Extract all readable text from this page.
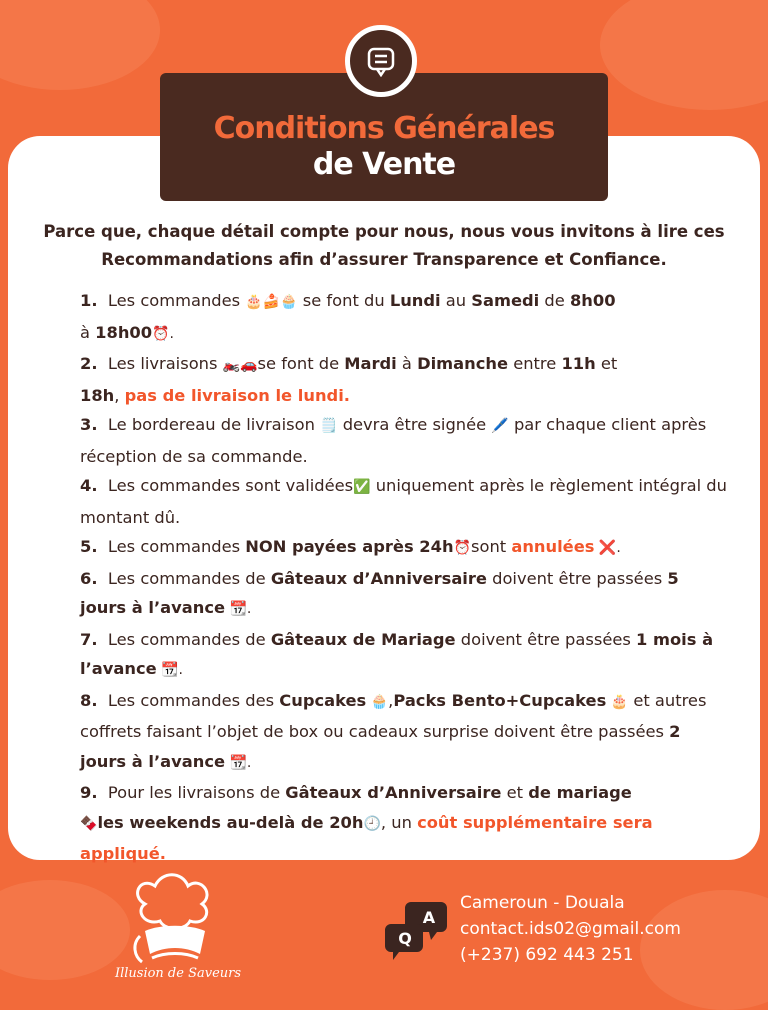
Conditions Générales
de Vente
Parce que, chaque détail compte pour nous, nous vous invitons à lire ces Recommandations afin d’assurer Transparence et Confiance.

1. Les commandes 🎂🍰🧁 se font du Lundi au Samedi de 8h00
à 18h00⏰.

2. Les livraisons 🏍️🚗se font de Mardi à Dimanche entre 11h et
18h, pas de livraison le lundi.

3. Le bordereau de livraison 🗒️ devra être signée 🖊️ par chaque client après réception de sa commande.

4. Les commandes sont validées✅ uniquement après le règlement intégral du montant dû.

5. Les commandes NON payées après 24h⏰sont annulées ❌.

6. Les commandes de Gâteaux d’Anniversaire doivent être passées 5 jours à l’avance 📆.

7. Les commandes de Gâteaux de Mariage doivent être passées 1 mois à l’avance 📆.

8. Les commandes des Cupcakes 🧁,Packs Bento+Cupcakes 🎂 et autres coffrets faisant l’objet de box ou cadeaux surprise doivent être passées 2 jours à l’avance 📆.

9. Pour les livraisons de Gâteaux d’Anniversaire et de mariage
🍫les weekends au-delà de 20h🕘, un coût supplémentaire sera appliqué.

Illusion de Saveurs
A
Q
Cameroun - Douala
contact.ids02@gmail.com
(+237) 692 443 251
